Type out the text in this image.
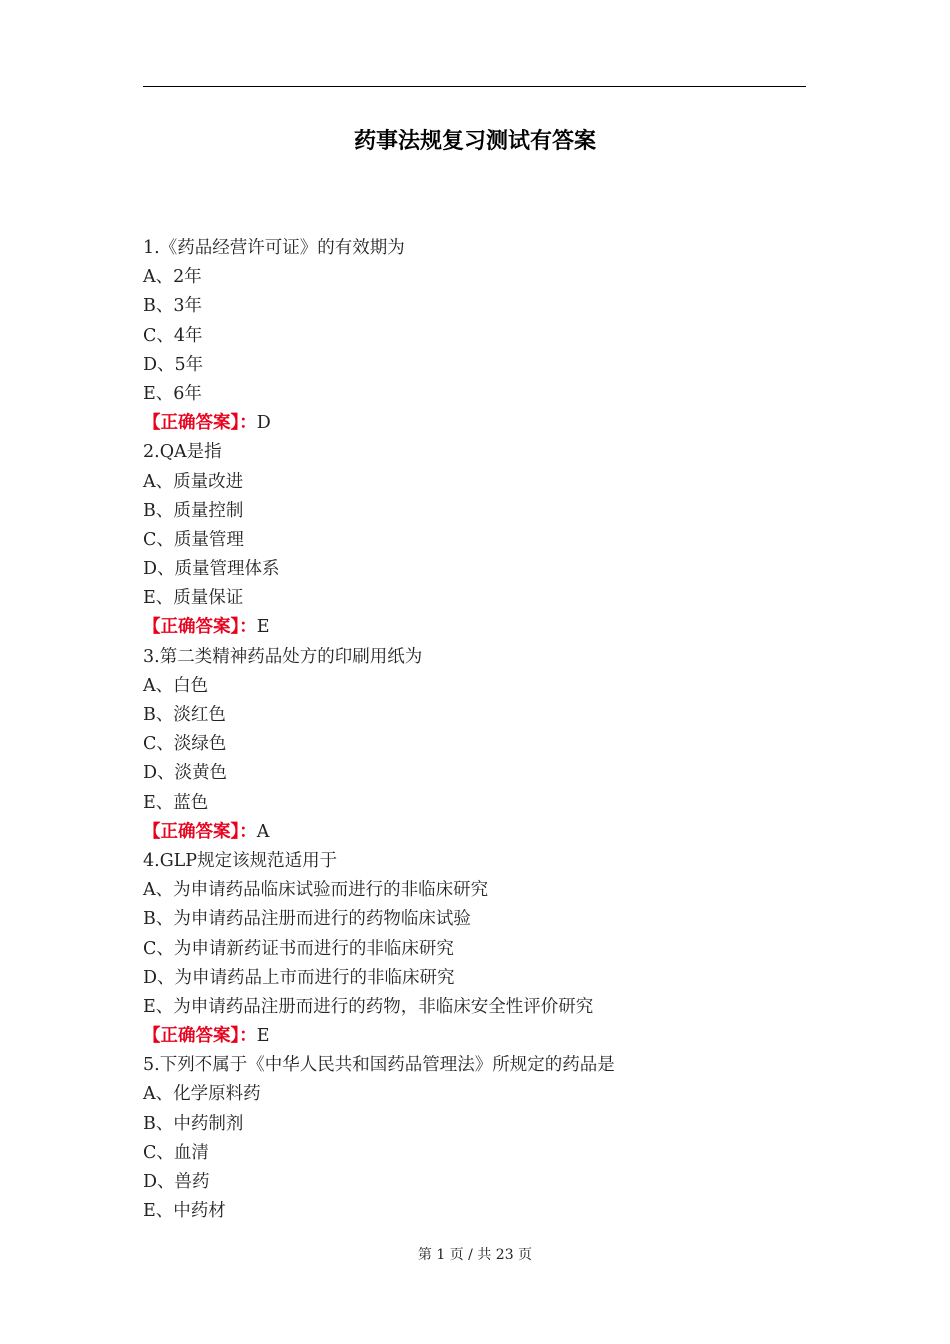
药事法规复习测试有答案
1.《药品经营许可证》的有效期为
A、2年
B、3年
C、4年
D、5年
E、6年
【正确答案】：D
2.QA是指
A、质量改进
B、质量控制
C、质量管理
D、质量管理体系
E、质量保证
【正确答案】：E
3.第二类精神药品处方的印刷用纸为
A、白色
B、淡红色
C、淡绿色
D、淡黄色
E、蓝色
【正确答案】：A
4.GLP规定该规范适用于
A、为申请药品临床试验而进行的非临床研究
B、为申请药品注册而进行的药物临床试验
C、为申请新药证书而进行的非临床研究
D、为申请药品上市而进行的非临床研究
E、为申请药品注册而进行的药物，非临床安全性评价研究
【正确答案】：E
5.下列不属于《中华人民共和国药品管理法》所规定的药品是
A、化学原料药
B、中药制剂
C、血清
D、兽药
E、中药材
第 1 页 / 共 23 页
